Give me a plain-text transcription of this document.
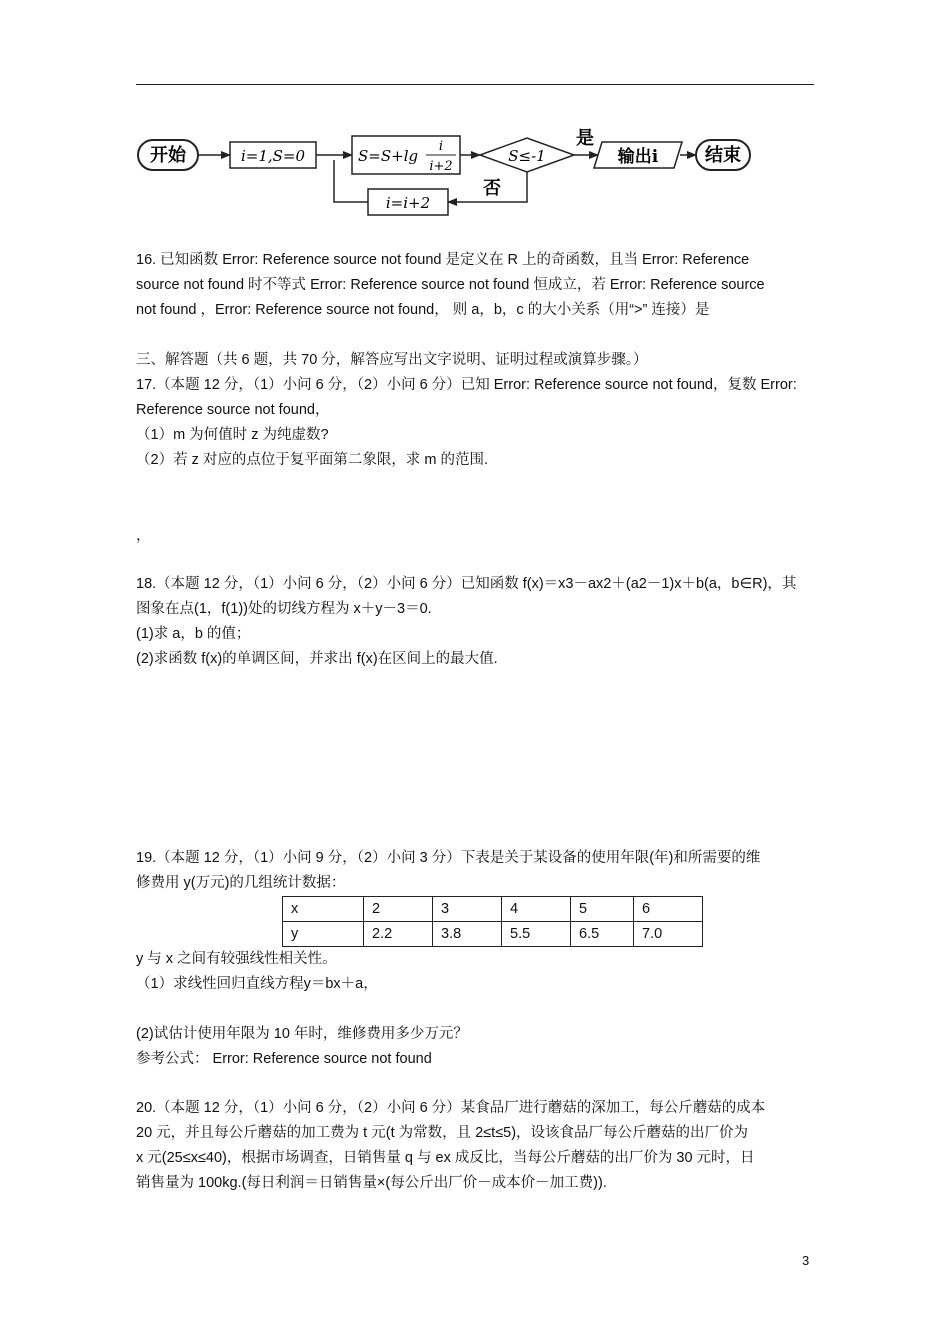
开始	i=1,S=0	S=S+lg
i
i+2
S≤-1
是
输出i	结束
否
i=i+2

16. 已知函数 Error: Reference source not found 是定义在 R 上的奇函数，且当 Error: Reference

source not found 时不等式 Error: Reference source not found 恒成立，若 Error: Reference source

not found ，Error: Reference source not found， 则 a，b，c 的大小关系（用“>” 连接）是

三、解答题（共 6 题，共 70 分，解答应写出文字说明、证明过程或演算步骤。）

17.（本题 12 分，（1）小问 6 分，（2）小问 6 分）已知 Error: Reference source not found，复数 Error:

Reference source not found，

（1）m 为何值时 z 为纯虚数?

（2）若 z 对应的点位于复平面第二象限，求 m 的范围.

，

18.（本题 12 分，（1）小问 6 分，（2）小问 6 分）已知函数 f(x)＝x3－ax2＋(a2－1)x＋b(a，b∈R)，其

图象在点(1，f(1))处的切线方程为 x＋y－3＝0.

(1)求 a，b 的值；

(2)求函数 f(x)的单调区间，并求出 f(x)在区间上的最大值.

19.（本题 12 分，（1）小问 9 分，（2）小问 3 分）下表是关于某设备的使用年限(年)和所需要的维

修费用 y(万元)的几组统计数据：

x	2	3	4	5	6
y	2.2	3.8	5.5	6.5	7.0

y 与 x 之间有较强线性相关性。

（1）求线性回归直线方程y＝bx＋a，

(2)试估计使用年限为 10 年时，维修费用多少万元？

参考公式： Error: Reference source not found

20.（本题 12 分，（1）小问 6 分，（2）小问 6 分）某食品厂进行蘑菇的深加工，每公斤蘑菇的成本

20 元，并且每公斤蘑菇的加工费为 t 元(t 为常数，且 2≤t≤5)，设该食品厂每公斤蘑菇的出厂价为

x 元(25≤x≤40)，根据市场调查，日销售量 q 与 ex 成反比，当每公斤蘑菇的出厂价为 30 元时，日

销售量为 100kg.(每日利润＝日销售量×(每公斤出厂价－成本价－加工费)).

3
